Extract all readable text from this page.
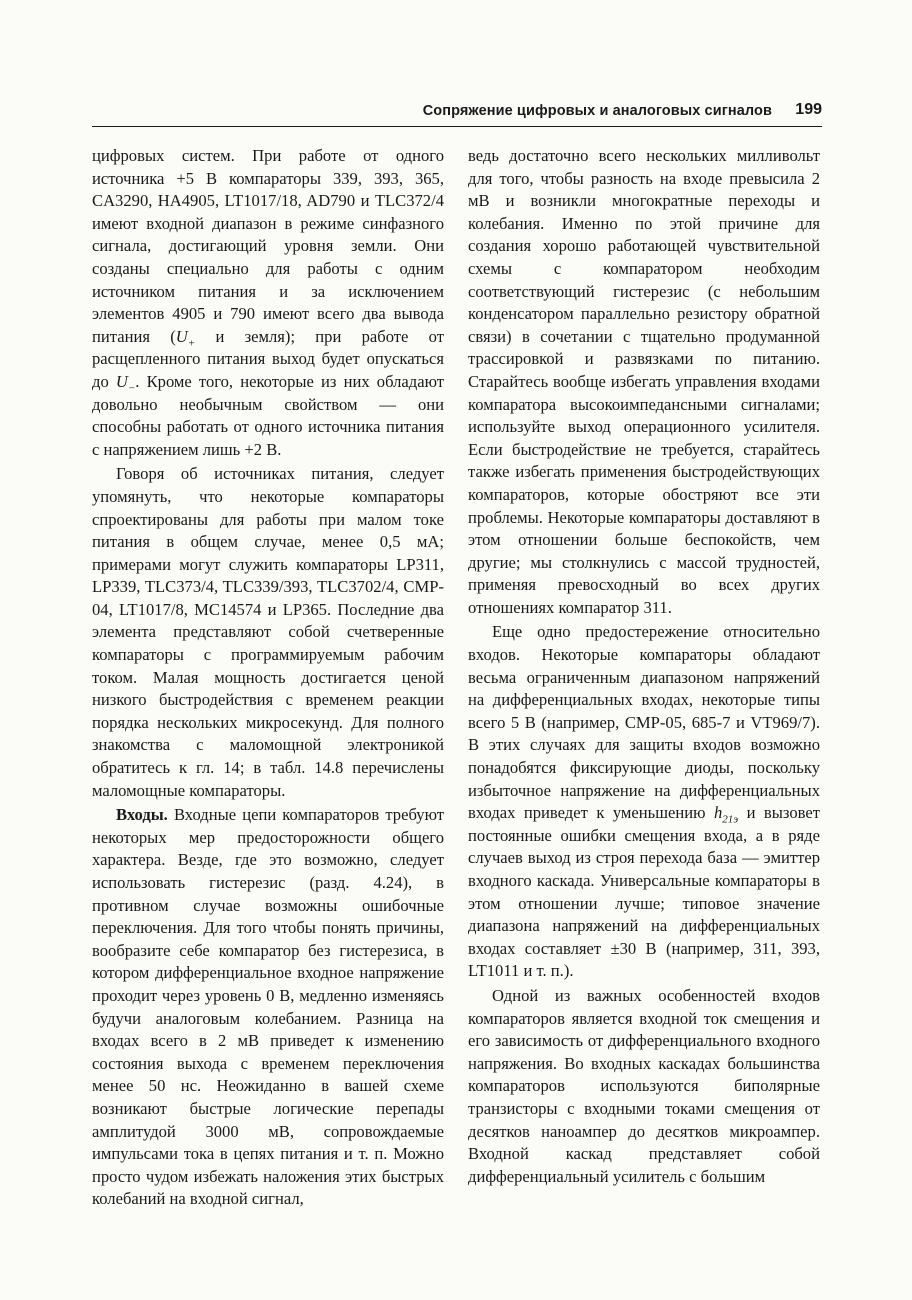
Сопряжение цифровых и аналоговых сигналов 199

цифровых систем. При работе от одного источника +5 В компараторы 339, 393, 365, CA3290, HA4905, LT1017/18, AD790 и TLC372/4 имеют входной диапазон в режиме синфазного сигнала, достигающий уровня земли. Они созданы специально для работы с одним источником питания и за исключением элементов 4905 и 790 имеют всего два вывода питания ($U_+$ и земля); при работе от расщепленного питания выход будет опускаться до $U_-$. Кроме того, некоторые из них обладают довольно необычным свойством — они способны работать от одного источника питания с напряжением лишь +2 В.

Говоря об источниках питания, следует упомянуть, что некоторые компараторы спроектированы для работы при малом токе питания в общем случае, менее 0,5 мА; примерами могут служить компараторы LP311, LP339, TLC373/4, TLC339/393, TLC3702/4, CMP-04, LT1017/8, MC14574 и LP365. Последние два элемента представляют собой счетверенные компараторы с программируемым рабочим током. Малая мощность достигается ценой низкого быстродействия с временем реакции порядка нескольких микросекунд. Для полного знакомства с маломощной электроникой обратитесь к гл. 14; в табл. 14.8 перечислены маломощные компараторы.

Входы. Входные цепи компараторов требуют некоторых мер предосторожности общего характера. Везде, где это возможно, следует использовать гистерезис (разд. 4.24), в противном случае возможны ошибочные переключения. Для того чтобы понять причины, вообразите себе компаратор без гистерезиса, в котором дифференциальное входное напряжение проходит через уровень 0 В, медленно изменяясь будучи аналоговым колебанием. Разница на входах всего в 2 мВ приведет к изменению состояния выхода с временем переключения менее 50 нс. Неожиданно в вашей схеме возникают быстрые логические перепады амплитудой 3000 мВ, сопровождаемые импульсами тока в цепях питания и т. п. Можно просто чудом избежать наложения этих быстрых колебаний на входной сигнал,

ведь достаточно всего нескольких милливольт для того, чтобы разность на входе превысила 2 мВ и возникли многократные переходы и колебания. Именно по этой причине для создания хорошо работающей чувствительной схемы с компаратором необходим соответствующий гистерезис (с небольшим конденсатором параллельно резистору обратной связи) в сочетании с тщательно продуманной трассировкой и развязками по питанию. Старайтесь вообще избегать управления входами компаратора высокоимпедансными сигналами; используйте выход операционного усилителя. Если быстродействие не требуется, старайтесь также избегать применения быстродействующих компараторов, которые обостряют все эти проблемы. Некоторые компараторы доставляют в этом отношении больше беспокойств, чем другие; мы столкнулись с массой трудностей, применяя превосходный во всех других отношениях компаратор 311.

Еще одно предостережение относительно входов. Некоторые компараторы обладают весьма ограниченным диапазоном напряжений на дифференциальных входах, некоторые типы всего 5 В (например, CMP-05, 685-7 и VT969/7). В этих случаях для защиты входов возможно понадобятся фиксирующие диоды, поскольку избыточное напряжение на дифференциальных входах приведет к уменьшению $h_{21э}$ и вызовет постоянные ошибки смещения входа, а в ряде случаев выход из строя перехода база — эмиттер входного каскада. Универсальные компараторы в этом отношении лучше; типовое значение диапазона напряжений на дифференциальных входах составляет ±30 В (например, 311, 393, LT1011 и т. п.).

Одной из важных особенностей входов компараторов является входной ток смещения и его зависимость от дифференциального входного напряжения. Во входных каскадах большинства компараторов используются биполярные транзисторы с входными токами смещения от десятков наноампер до десятков микроампер. Входной каскад представляет собой дифференциальный усилитель с большим
